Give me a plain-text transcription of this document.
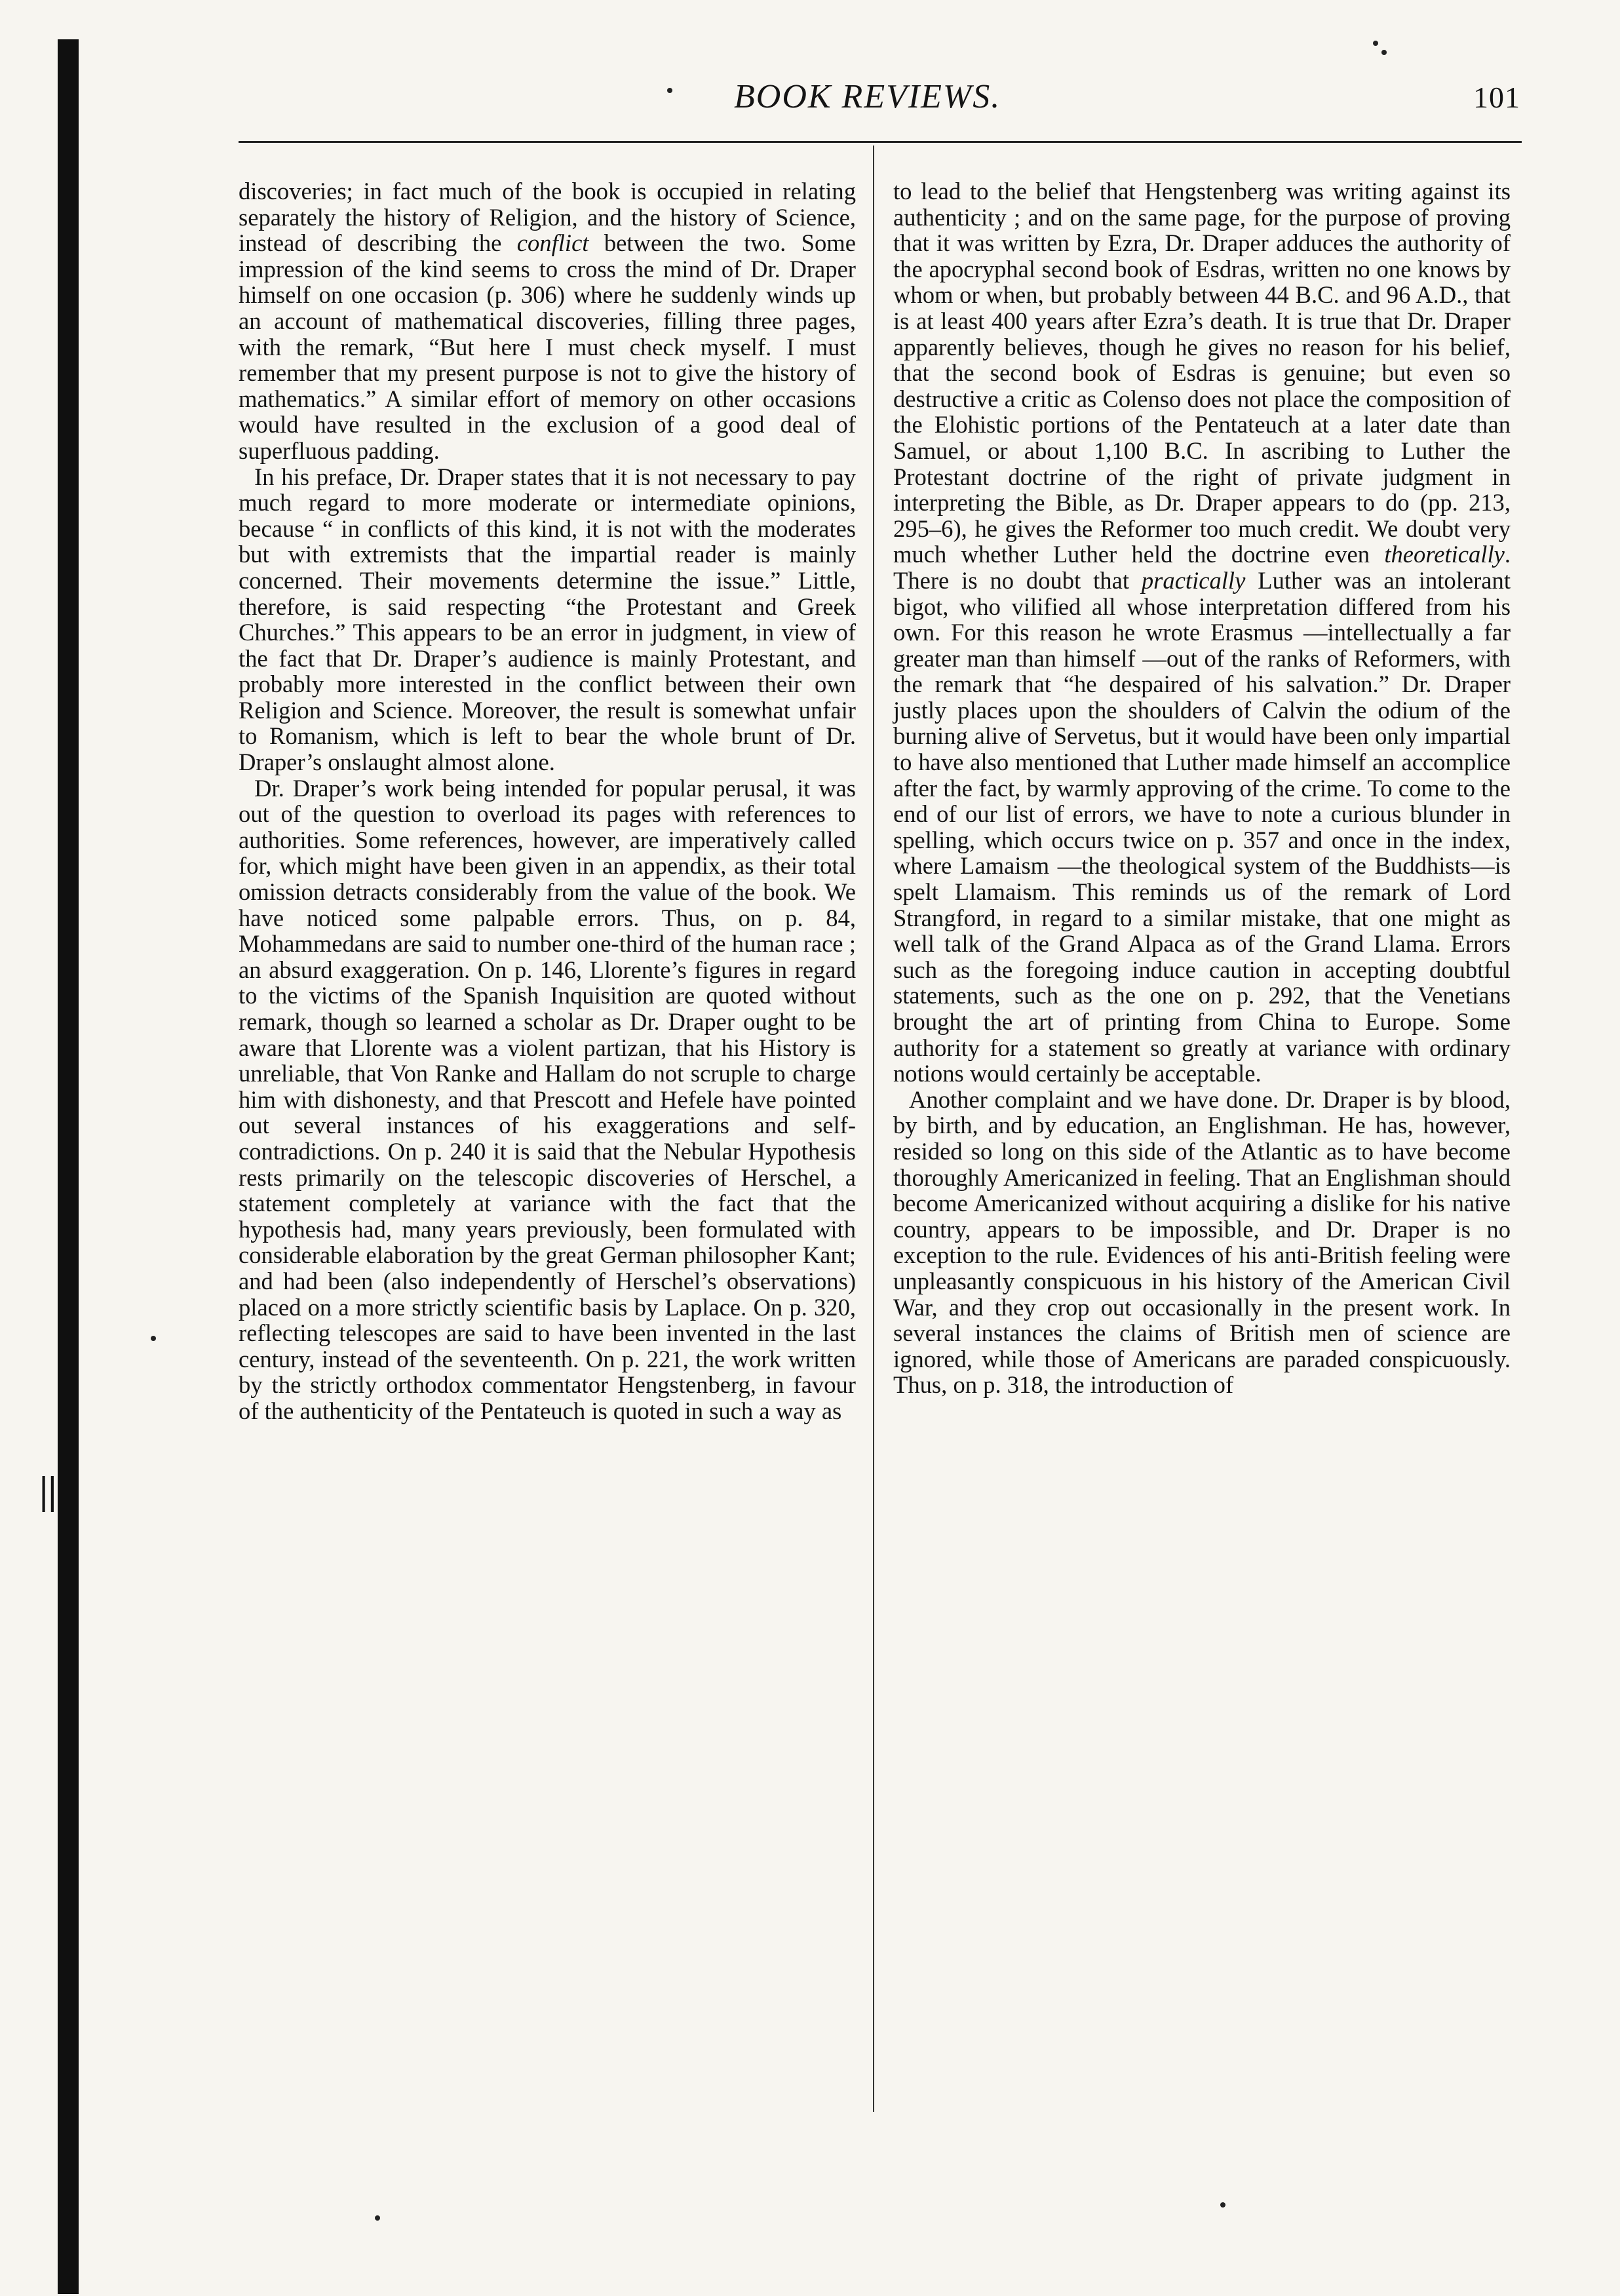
||
BOOK REVIEWS.	101

discoveries; in fact much of the book is occupied in relating separately the history of Religion, and the history of Science, instead of describing the conflict between the two. Some impression of the kind seems to cross the mind of Dr. Draper himself on one occasion (p. 306) where he suddenly winds up an account of mathematical discoveries, filling three pages, with the remark, “But here I must check myself. I must remember that my present purpose is not to give the history of mathematics.” A similar effort of memory on other occasions would have resulted in the exclusion of a good deal of superfluous padding.

In his preface, Dr. Draper states that it is not necessary to pay much regard to more moderate or intermediate opinions, because “ in conflicts of this kind, it is not with the moderates but with extremists that the impartial reader is mainly concerned. Their movements determine the issue.” Little, therefore, is said respecting “the Protestant and Greek Churches.” This appears to be an error in judgment, in view of the fact that Dr. Draper’s audience is mainly Protestant, and probably more interested in the conflict between their own Religion and Science. Moreover, the result is somewhat unfair to Romanism, which is left to bear the whole brunt of Dr. Draper’s onslaught almost alone.

Dr. Draper’s work being intended for popular perusal, it was out of the question to overload its pages with references to authorities. Some references, however, are imperatively called for, which might have been given in an appendix, as their total omission detracts considerably from the value of the book. We have noticed some palpable errors. Thus, on p. 84, Mohammedans are said to number one-third of the human race ; an absurd exaggeration. On p. 146, Llorente’s figures in regard to the victims of the Spanish Inquisition are quoted without remark, though so learned a scholar as Dr. Draper ought to be aware that Llorente was a violent partizan, that his History is unreliable, that Von Ranke and Hallam do not scruple to charge him with dishonesty, and that Prescott and Hefele have pointed out several instances of his exaggerations and self-contradictions. On p. 240 it is said that the Nebular Hypothesis rests primarily on the telescopic discoveries of Herschel, a statement completely at variance with the fact that the hypothesis had, many years previously, been formulated with considerable elaboration by the great German philosopher Kant; and had been (also independently of Herschel’s observations) placed on a more strictly scientific basis by Laplace. On p. 320, reflecting telescopes are said to have been invented in the last century, instead of the seventeenth. On p. 221, the work written by the strictly orthodox commentator Hengstenberg, in favour of the authenticity of the Pentateuch is quoted in such a way as

to lead to the belief that Hengstenberg was writing against its authenticity ; and on the same page, for the purpose of proving that it was written by Ezra, Dr. Draper adduces the authority of the apocryphal second book of Esdras, written no one knows by whom or when, but probably between 44 B.C. and 96 A.D., that is at least 400 years after Ezra’s death. It is true that Dr. Draper apparently believes, though he gives no reason for his belief, that the second book of Esdras is genuine; but even so destructive a critic as Colenso does not place the composition of the Elohistic portions of the Pentateuch at a later date than Samuel, or about 1,100 B.C. In ascribing to Luther the Protestant doctrine of the right of private judgment in interpreting the Bible, as Dr. Draper appears to do (pp. 213, 295–6), he gives the Reformer too much credit. We doubt very much whether Luther held the doctrine even theoretically. There is no doubt that practically Luther was an intolerant bigot, who vilified all whose interpretation differed from his own. For this reason he wrote Erasmus —intellectually a far greater man than himself —out of the ranks of Reformers, with the remark that “he despaired of his salvation.” Dr. Draper justly places upon the shoulders of Calvin the odium of the burning alive of Servetus, but it would have been only impartial to have also mentioned that Luther made himself an accomplice after the fact, by warmly approving of the crime. To come to the end of our list of errors, we have to note a curious blunder in spelling, which occurs twice on p. 357 and once in the index, where Lamaism —the theological system of the Buddhists—is spelt Llamaism. This reminds us of the remark of Lord Strangford, in regard to a similar mistake, that one might as well talk of the Grand Alpaca as of the Grand Llama. Errors such as the foregoing induce caution in accepting doubtful statements, such as the one on p. 292, that the Venetians brought the art of printing from China to Europe. Some authority for a statement so greatly at variance with ordinary notions would certainly be acceptable.

Another complaint and we have done. Dr. Draper is by blood, by birth, and by education, an Englishman. He has, however, resided so long on this side of the Atlantic as to have become thoroughly Americanized in feeling. That an Englishman should become Americanized without acquiring a dislike for his native country, appears to be impossible, and Dr. Draper is no exception to the rule. Evidences of his anti-British feeling were unpleasantly conspicuous in his history of the American Civil War, and they crop out occasionally in the present work. In several instances the claims of British men of science are ignored, while those of Americans are paraded conspicuously. Thus, on p. 318, the introduction of
